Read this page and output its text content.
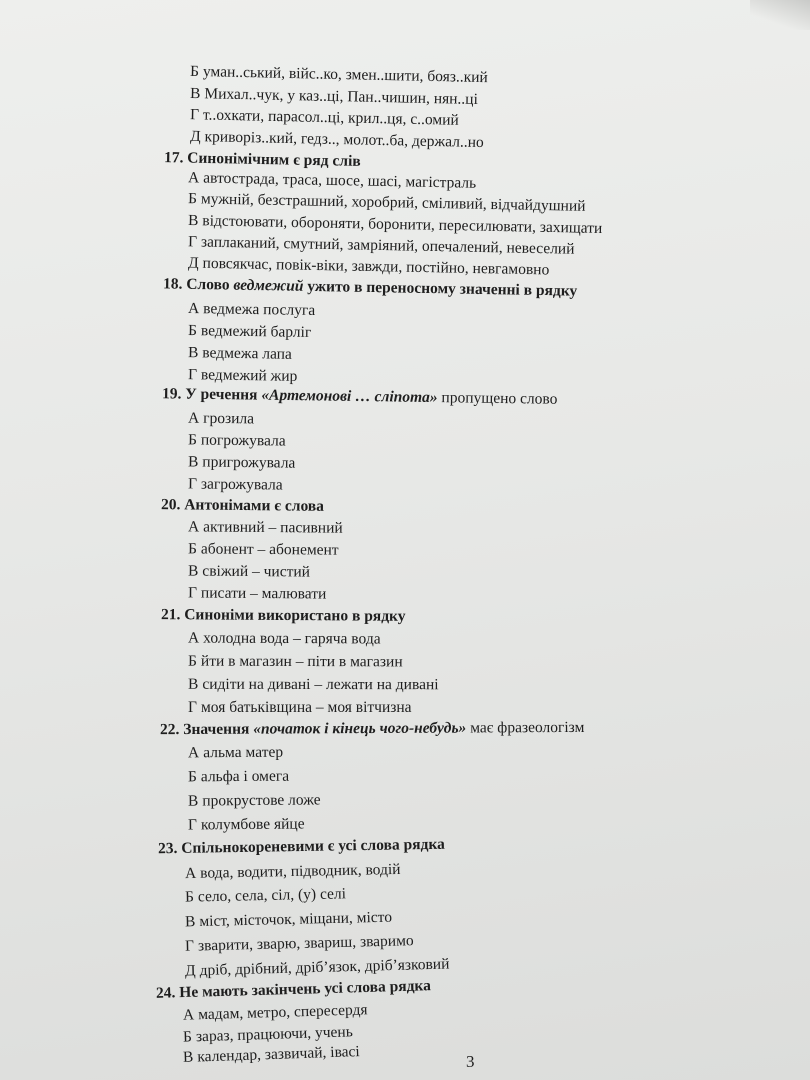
Б уман..ський, війс..ко, змен..шити, бояз..кий
В Михал..чук, у каз..ці, Пан..чишин, нян..ці
Г т..охкати, парасол..ці, крил..ця, с..омий
Д криворіз..кий, гедз.., молот..ба, держал..но
17. Синонімічним є ряд слів
А автострада, траса, шосе, шасі, магістраль
Б мужній, безстрашний, хоробрий, сміливий, відчайдушний
В відстоювати, обороняти, боронити, пересилювати, захищати
Г заплаканий, смутний, замріяний, опечалений, невеселий
Д повсякчас, повік-віки, завжди, постійно, невгамовно
18. Слово ведмежий ужито в переносному значенні в рядку
А ведмежа послуга
Б ведмежий барліг
В ведмежа лапа
Г ведмежий жир
19. У речення «Артемонові … сліпота» пропущено слово
А грозила
Б погрожувала
В пригрожувала
Г загрожувала
20. Антонімами є слова
А активний – пасивний
Б абонент – абонемент
В свіжий – чистий
Г писати – малювати
21. Синоніми використано в рядку
А холодна вода – гаряча вода
Б йти в магазин – піти в магазин
В сидіти на дивані – лежати на дивані
Г моя батьківщина – моя вітчизна
22. Значення «початок і кінець чого-небудь» має фразеологізм
А альма матер
Б альфа і омега
В прокрустове ложе
Г колумбове яйце
23. Спільнокореневими є усі слова рядка
А вода, водити, підводник, водій
Б село, села, сіл, (у) селі
В міст, місточок, міщани, місто
Г зварити, зварю, звариш, зваримо
Д дріб, дрібний, дріб’язок, дріб’язковий
24. Не мають закінчень усі слова рядка
А мадам, метро, спересердя
Б зараз, працюючи, учень
В календар, зазвичай, івасі	3
